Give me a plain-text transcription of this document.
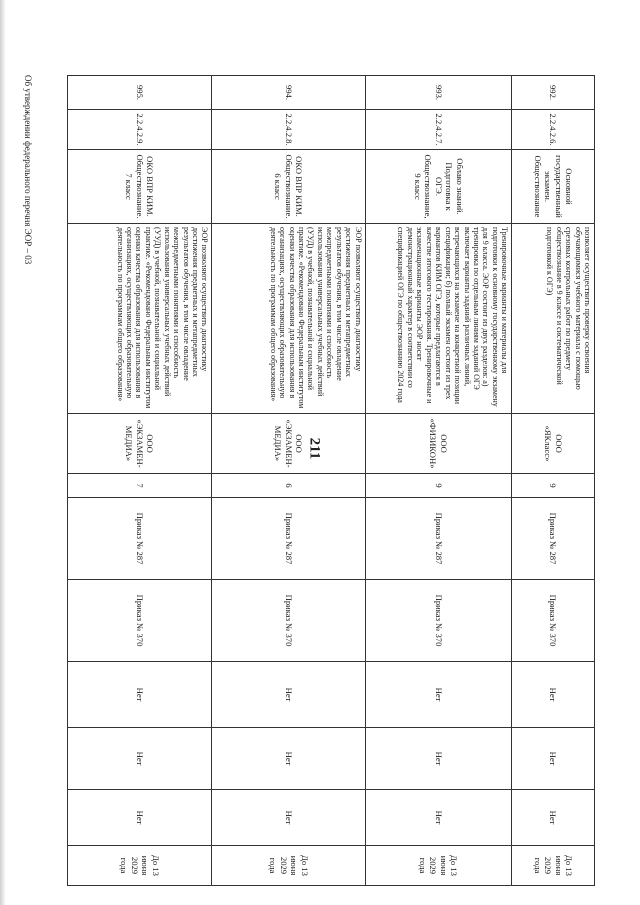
211
992.	2.2.4.2.6.	Основной государственный экзамен. Обществознание	позволяет осуществить проверку освоения обучающимися учебного материала с помощью срезовых контрольных работ по предмету обществознание в 9 классе и систематической подготовкой к ОГЭ)	ООО «ЯКласс»	9	Приказ № 287	Приказ № 370	Нет	Нет	Нет	До 13 июня 2029 года
993.	2.2.4.2.7.	Облако знаний. Подготовка к ОГЭ. Обществознание, 9 класс	Тренировочные варианты и материалы для подготовки к основному государственному экзамену для 9 класса. ЭОР состоит из двух разделов: а) тренировка по отдельным линиям заданий ОГЭ включает варианты заданий различных линий, встречающихся на экзамене на конкретной позиции спецификации; б) полный экзамен состоит из трех вариантов КИМ ОГЭ, которые предлагаются в качестве итогового тестирования. Тренировочные и экзаменационные варианты ЭОР носят демонстрационный характер в соответствии со спецификацией ОГЭ по обществознанию 2024 года	ООО «ФИЗИКОН»	9	Приказ № 287	Приказ № 370	Нет	Нет	Нет	До 13 июня 2029 года
994.	2.2.4.2.8.	ОКО ВПР КИМ. Обществознание. 6 класс	ЭОР позволяют осуществить диагностику достижения предметных и метапредметных результатов обучения, в том числе овладение межпредметными понятиями и способность использования универсальных учебных действий (УУД) в учебной, познавательной и социальной практике. «Рекомендовано Федеральным институтом оценки качества образования для использования в организациях, осуществляющих образовательную деятельность по программам общего образования»	ООО «ЭКЗАМЕН-МЕДИА»	6	Приказ № 287	Приказ № 370	Нет	Нет	Нет	До 13 июня 2029 года
995.	2.2.4.2.9.	ОКО ВПР КИМ. Обществознание. 7 класс	ЭОР позволяют осуществить диагностику достижения предметных и метапредметных результатов обучения, в том числе овладение межпредметными понятиями и способность использования универсальных учебных действий (УУД) в учебной, познавательной и социальной практике. «Рекомендовано Федеральным институтом оценки качества образования для использования в организациях, осуществляющих образовательную деятельность по программам общего образования»	ООО «ЭКЗАМЕН-МЕДИА»	7	Приказ № 287	Приказ № 370	Нет	Нет	Нет	До 13 июня 2029 года
Об утверждении федерального перечня ЭОР – 03
